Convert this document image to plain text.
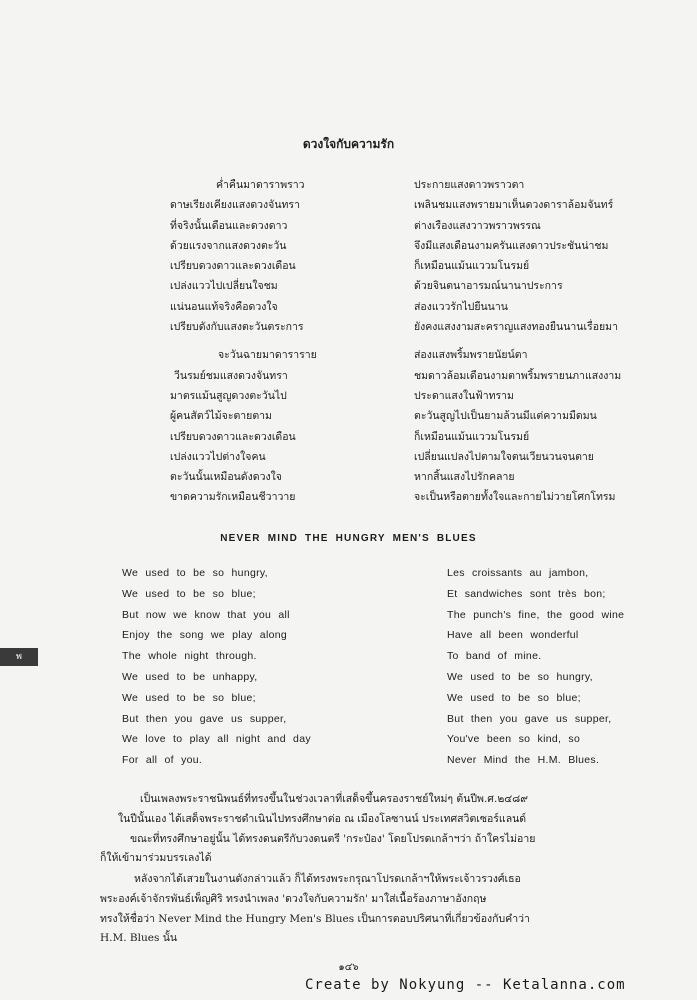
ดวงใจกับความรัก
ค่ำคืนมาดาราพราว
ดาษเรียงเคียงแสงดวงจันทรา
ที่จริงนั้นเดือนและดวงดาว
ด้วยแรงจากแสงดวงตะวัน
เปรียบดวงดาวและดวงเดือน
เปล่งแววไปเปลี่ยนใจชม
แน่นอนแท้จริงคือดวงใจ
เปรียบดังกับแสงตะวันตระการ
จะวันฉายมาดาราราย
วีนรมย์ชมแสงดวงจันทรา
มาตรแม้นสูญดวงตะวันไป
ผู้คนสัตว์ไม้จะตายตาม
เปรียบดวงดาวและดวงเดือน
เปล่งแววไปต่างใจคน
ตะวันนั้นเหมือนดังดวงใจ
ขาดความรักเหมือนชีวาวาย
ประกายแสงดาวพราวตา
เพลินชมแสงพรายมาเห็นดวงดาราล้อมจันทร์
ต่างเรืองแสงวาวพราวพรรณ
จึงมีแสงเดือนงามครันแสงดาวประชันน่าชม
ก็เหมือนแม้นแววมโนรมย์
ด้วยจินตนาอารมณ์นานาประการ
ส่องแววรักไปยืนนาน
ยังคงแสงงามสะคราญแสงทองยืนนานเรื่อยมา
ส่องแสงพริ้มพรายนัยน์ตา
ชมดาวล้อมเดือนงามตาพริ้มพรายนภาแสงงาม
ประดาแสงในฟ้าทราม
ตะวันสูญไปเป็นยามล้วนมีแต่ความมืดมน
ก็เหมือนแม้นแววมโนรมย์
เปลี่ยนแปลงไปตามใจตนเวียนวนจนตาย
หากสิ้นแสงไปรักคลาย
จะเป็นหรือตายทั้งใจและกายไม่วายโศกโทรม
NEVER MIND THE HUNGRY MEN'S BLUES
We used to be so hungry,
We used to be so blue;
But now we know that you all
Enjoy the song we play along
The whole night through.
We used to be unhappy,
We used to be so blue;
But then you gave us supper,
We love to play all night and day
For all of you.
Les croissants au jambon,
Et sandwiches sont très bon;
The punch's fine, the good wine
Have all been wonderful
To band of mine.
We used to be so hungry,
We used to be so blue;
But then you gave us supper,
You've been so kind, so
Never Mind the H.M. Blues.
พ
เป็นเพลงพระราชนิพนธ์ที่ทรงขึ้นในช่วงเวลาที่เสด็จขึ้นครองราชย์ใหม่ๆ ต้นปีพ.ศ.๒๔๘๙
ในปีนั้นเอง ได้เสด็จพระราชดำเนินไปทรงศึกษาต่อ ณ เมืองโลซานน์ ประเทศสวิตเซอร์แลนด์
ขณะที่ทรงศึกษาอยู่นั้น ได้ทรงดนตรีกับวงดนตรี 'กระป๋อง' โดยโปรดเกล้าฯว่า ถ้าใครไม่อาย
ก็ให้เข้ามาร่วมบรรเลงได้
หลังจากได้เสวยในงานดังกล่าวแล้ว ก็ได้ทรงพระกรุณาโปรดเกล้าฯให้พระเจ้าวรวงศ์เธอ
พระองค์เจ้าจักรพันธ์เพ็ญศิริ ทรงนำเพลง 'ดวงใจกับความรัก' มาใส่เนื้อร้องภาษาอังกฤษ
ทรงให้ชื่อว่า Never Mind the Hungry Men's Blues เป็นการตอบปริศนาที่เกี่ยวข้องกับคำว่า
H.M. Blues นั้น
๑๔๖
Create by Nokyung -- Ketalanna.com
